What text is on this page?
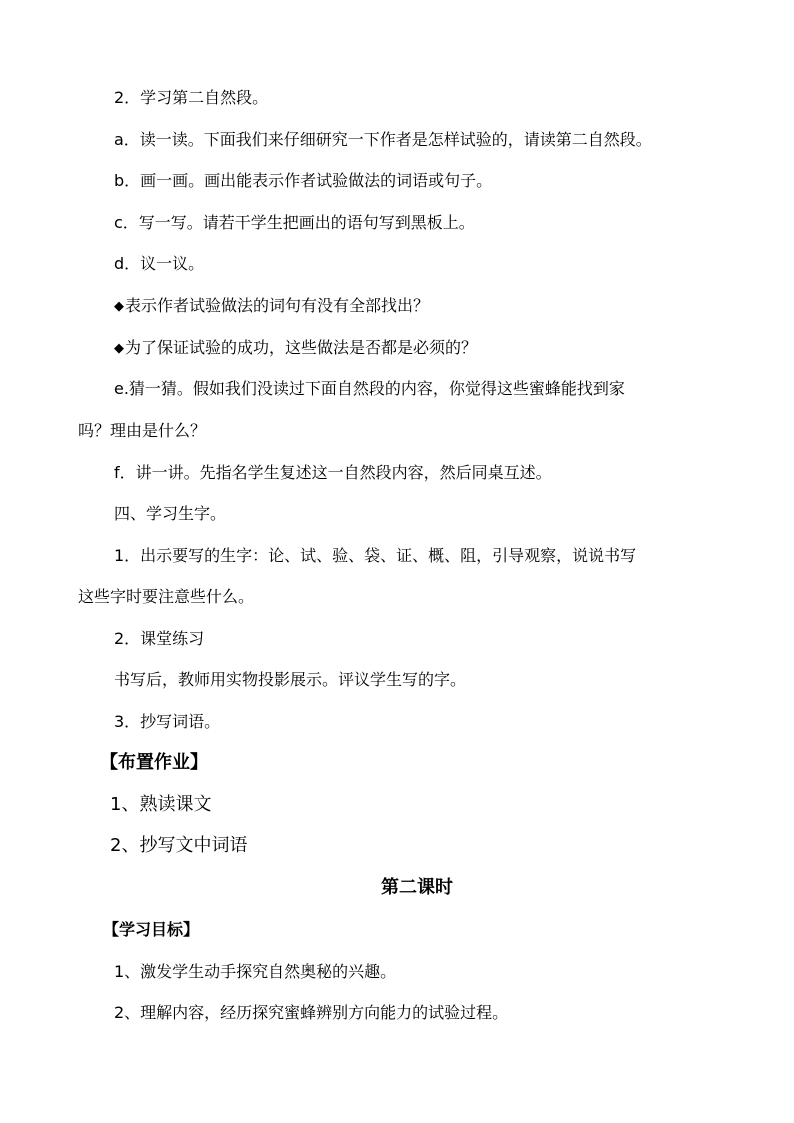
2．学习第二自然段。
a．读一读。下面我们来仔细研究一下作者是怎样试验的，请读第二自然段。
b．画一画。画出能表示作者试验做法的词语或句子。
c．写一写。请若干学生把画出的语句写到黑板上。
d．议一议。
◆表示作者试验做法的词句有没有全部找出？
◆为了保证试验的成功，这些做法是否都是必须的？
e.猜一猜。假如我们没读过下面自然段的内容，你觉得这些蜜蜂能找到家
吗？理由是什么？
f．讲一讲。先指名学生复述这一自然段内容，然后同桌互述。
四、学习生字。
1．出示要写的生字：论、试、验、袋、证、概、阻，引导观察，说说书写
这些字时要注意些什么。
2．课堂练习
书写后，教师用实物投影展示。评议学生写的字。
3．抄写词语。
【布置作业】
1、熟读课文
2、抄写文中词语
第二课时
【学习目标】
1、激发学生动手探究自然奥秘的兴趣。
2、理解内容，经历探究蜜蜂辨别方向能力的试验过程。
